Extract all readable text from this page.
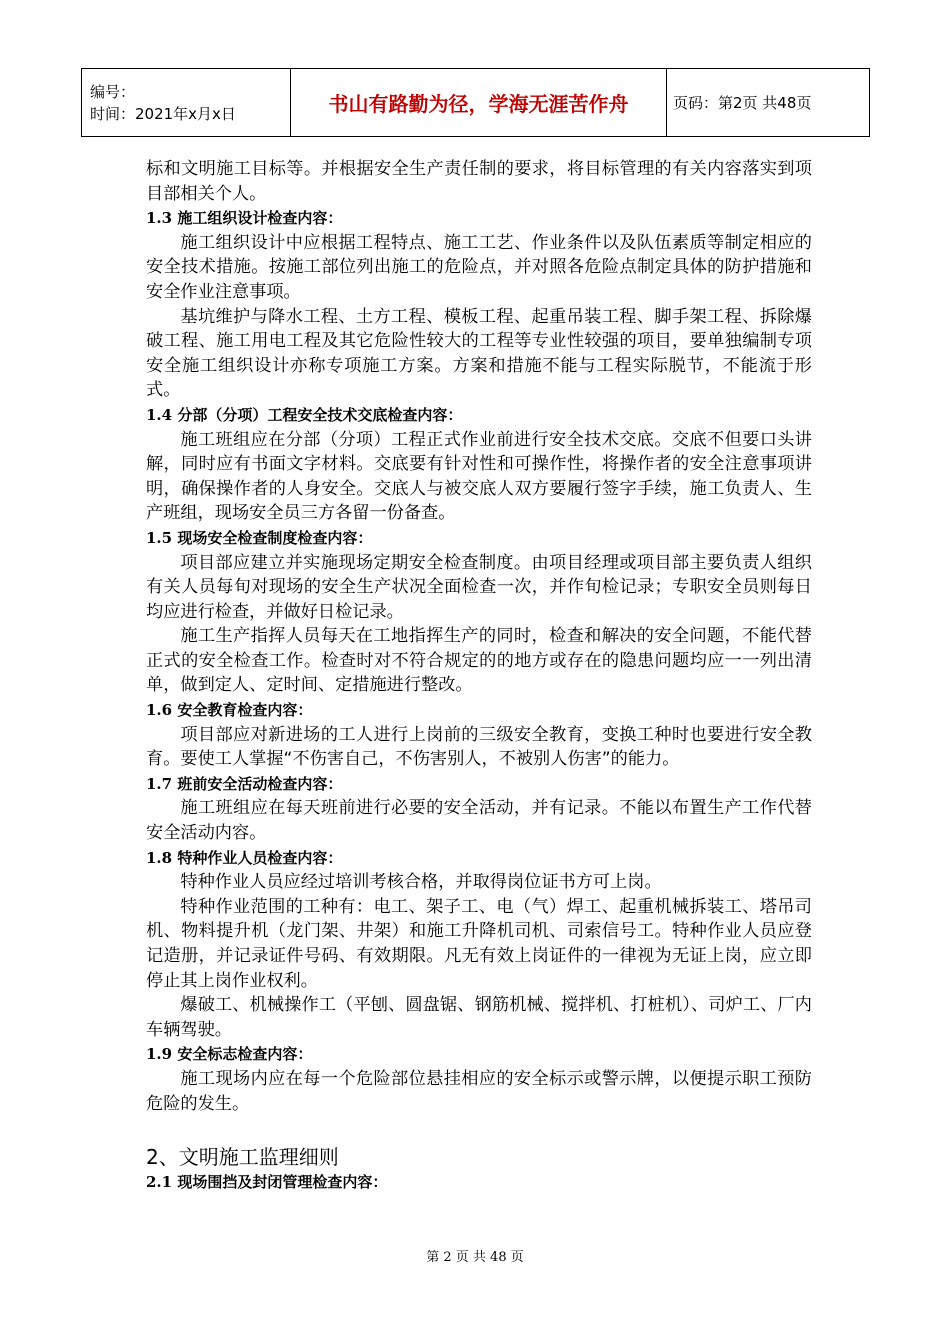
编号：
时间：2021年x月x日	书山有路勤为径，学海无涯苦作舟	页码：第2页 共48页

标和文明施工目标等。并根据安全生产责任制的要求，将目标管理的有关内容落实到项目部相关个人。

1.3 施工组织设计检查内容：

施工组织设计中应根据工程特点、施工工艺、作业条件以及队伍素质等制定相应的安全技术措施。按施工部位列出施工的危险点，并对照各危险点制定具体的防护措施和安全作业注意事项。

基坑维护与降水工程、土方工程、模板工程、起重吊装工程、脚手架工程、拆除爆破工程、施工用电工程及其它危险性较大的工程等专业性较强的项目，要单独编制专项安全施工组织设计亦称专项施工方案。方案和措施不能与工程实际脱节，不能流于形式。

1.4 分部（分项）工程安全技术交底检查内容：

施工班组应在分部（分项）工程正式作业前进行安全技术交底。交底不但要口头讲解，同时应有书面文字材料。交底要有针对性和可操作性，将操作者的安全注意事项讲明，确保操作者的人身安全。交底人与被交底人双方要履行签字手续，施工负责人、生产班组，现场安全员三方各留一份备查。

1.5 现场安全检查制度检查内容：

项目部应建立并实施现场定期安全检查制度。由项目经理或项目部主要负责人组织有关人员每旬对现场的安全生产状况全面检查一次，并作旬检记录；专职安全员则每日均应进行检查，并做好日检记录。

施工生产指挥人员每天在工地指挥生产的同时，检查和解决的安全问题，不能代替正式的安全检查工作。检查时对不符合规定的的地方或存在的隐患问题均应一一列出清单，做到定人、定时间、定措施进行整改。

1.6 安全教育检查内容：

项目部应对新进场的工人进行上岗前的三级安全教育，变换工种时也要进行安全教育。要使工人掌握“不伤害自己，不伤害别人，不被别人伤害”的能力。

1.7 班前安全活动检查内容：

施工班组应在每天班前进行必要的安全活动，并有记录。不能以布置生产工作代替安全活动内容。

1.8 特种作业人员检查内容：

特种作业人员应经过培训考核合格，并取得岗位证书方可上岗。

特种作业范围的工种有：电工、架子工、电（气）焊工、起重机械拆装工、塔吊司机、物料提升机（龙门架、井架）和施工升降机司机、司索信号工。特种作业人员应登记造册，并记录证件号码、有效期限。凡无有效上岗证件的一律视为无证上岗，应立即停止其上岗作业权利。

爆破工、机械操作工（平刨、圆盘锯、钢筋机械、搅拌机、打桩机）、司炉工、厂内车辆驾驶。

1.9 安全标志检查内容：

施工现场内应在每一个危险部位悬挂相应的安全标示或警示牌，以便提示职工预防危险的发生。

2、文明施工监理细则

2.1 现场围挡及封闭管理检查内容：

第 2 页 共 48 页
